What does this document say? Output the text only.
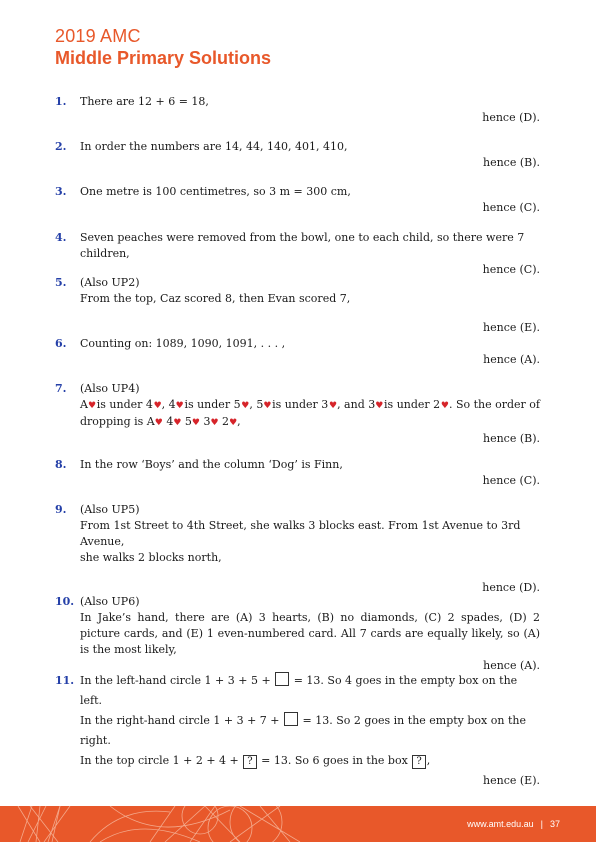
2019 AMC
Middle Primary Solutions
1.	There are 12 + 6 = 18,
hence (D).
2.	In order the numbers are 14, 44, 140, 401, 410,
hence (B).
3.	One metre is 100 centimetres, so 3 m = 300 cm,
hence (C).
4.	Seven peaches were removed from the bowl, one to each child, so there were 7 children,
hence (C).
5.	(Also UP2)
From the top, Caz scored 8, then Evan scored 7,
hence (E).
6.	Counting on: 1089, 1090, 1091, . . . ,
hence (A).
7.	(Also UP4)
A♥ is under 4 ♥, 4♥ is under 5 ♥, 5♥ is under 3 ♥, and 3♥ is under 2 ♥. So the order of
dropping is A♥ 4♥ 5♥ 3♥ 2♥,
hence (B).
8.	In the row ‘Boys’ and the column ‘Dog’ is Finn,
hence (C).
9.	(Also UP5)
From 1st Street to 4th Street, she walks 3 blocks east. From 1st Avenue to 3rd Avenue,
she walks 2 blocks north,
hence (D).
10. (Also UP6)
In Jake’s hand, there are (A) 3 hearts, (B) no diamonds, (C) 2 spades, (D) 2 picture cards, and (E) 1 even-numbered card. All 7 cards are equally likely, so (A) is the most likely,
hence (A).
11. In the left-hand circle 1 + 3 + 5 + = 13. So 4 goes in the empty box on the left.
In the right-hand circle 1 + 3 + 7 + = 13. So 2 goes in the empty box on the right.
In the top circle 1 + 2 + 4 + ? = 13. So 6 goes in the box ? ,
hence (E).
www.amt.edu.au | 37
